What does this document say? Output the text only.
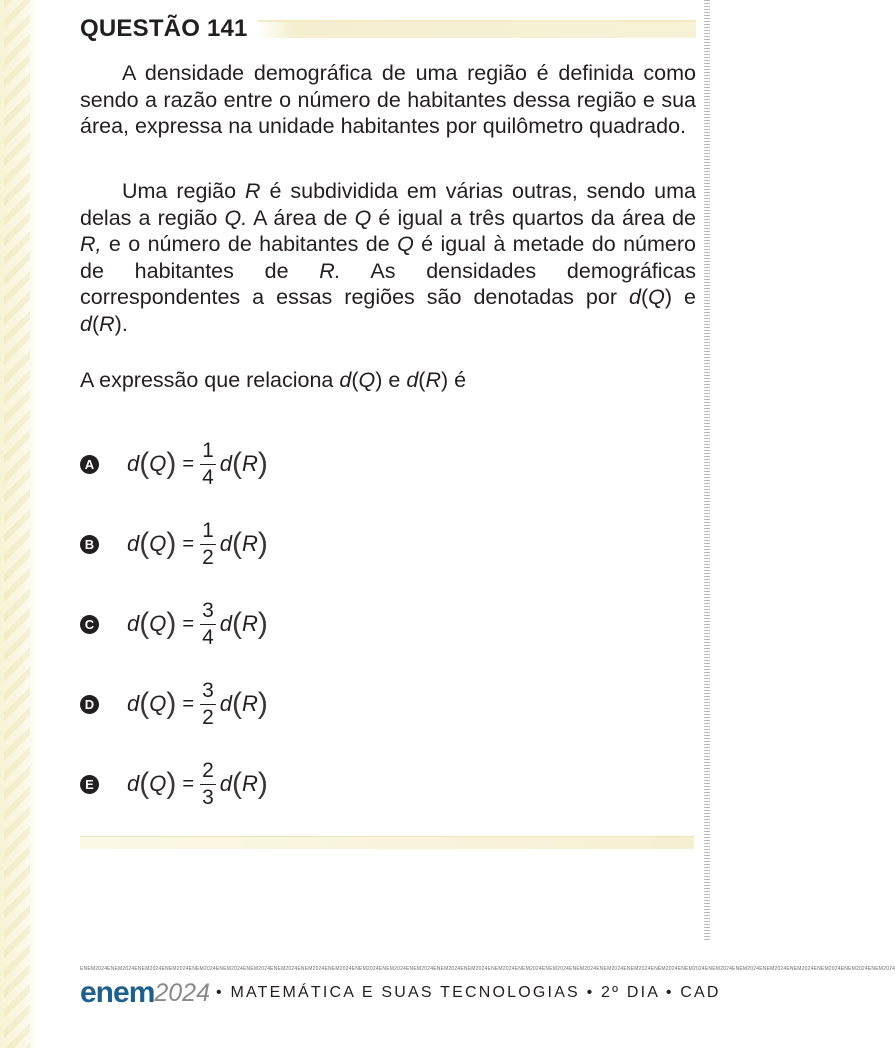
QUESTÃO 141

A densidade demográfica de uma região é definida como sendo a razão entre o número de habitantes dessa região e sua área, expressa na unidade habitantes por quilômetro quadrado.

Uma região R é subdividida em várias outras, sendo uma delas a região Q. A área de Q é igual a três quartos da área de R, e o número de habitantes de Q é igual à metade do número de habitantes de R. As densidades demográficas correspondentes a essas regiões são denotadas por d(Q) e d(R).

A expressão que relaciona d(Q) e d(R) é

A d ( Q ) = $\frac{1}{4}$ d ( R )
B d ( Q ) = $\frac{1}{2}$ d ( R )
C d ( Q ) = $\frac{3}{4}$ d ( R )
D d ( Q ) = $\frac{3}{2}$ d ( R )
E d ( Q ) = $\frac{2}{3}$ d ( R )
ENEM2024ENEM2024ENEM2024ENEM2024ENEM2024ENEM2024ENEM2024ENEM2024ENEM2024ENEM2024ENEM2024ENEM2024ENEM2024ENEM2024ENEM2024ENEM2024ENEM2024ENEM2024ENEM2024ENEM2024ENEM2024ENEM2024ENEM2024ENEM2024ENEM2024ENEM2024ENEM2024ENEM2024ENEM2024ENEM2024
enem 2024 • MATEMÁTICA E SUAS TECNOLOGIAS • 2º DIA • CAD
